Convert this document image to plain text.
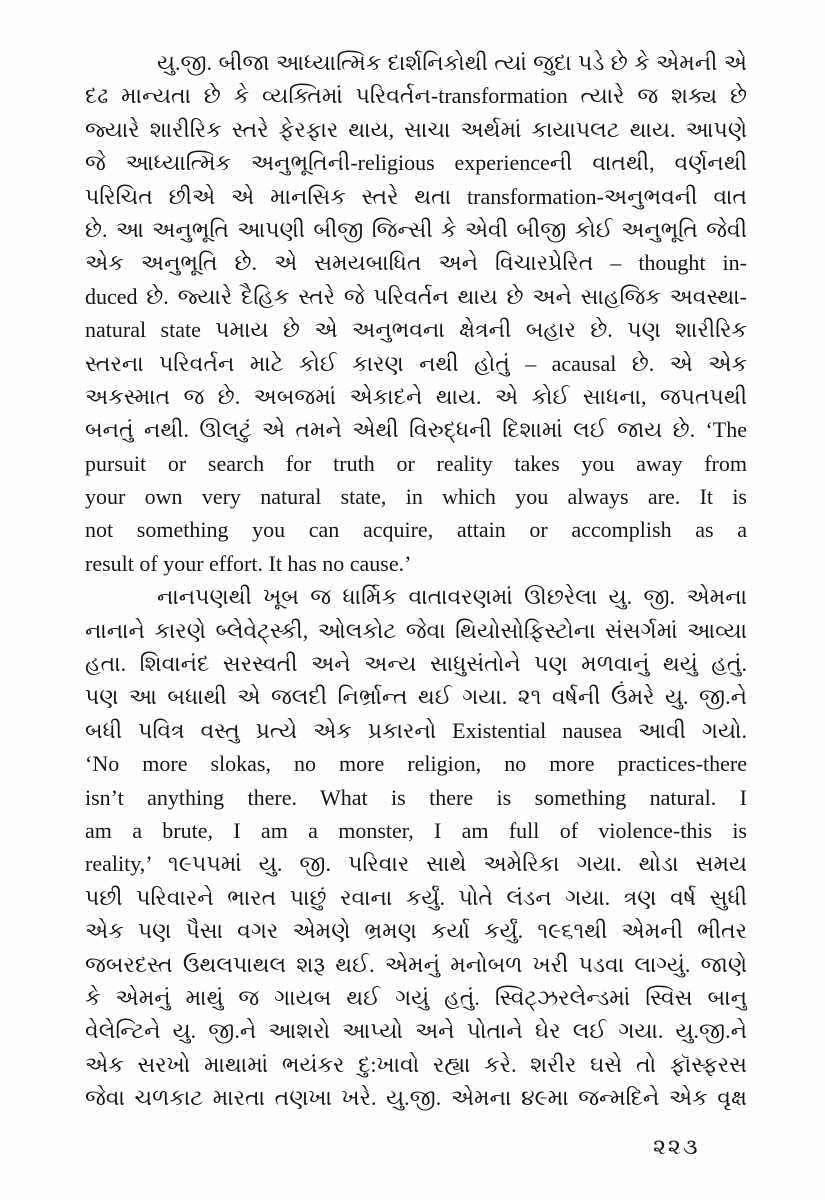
યુ.જી. બીજા આધ્યાત્મિક દાર્શનિકોથી ત્યાં જુદા પડે છે કે એમની એ
દઢ માન્યતા છે કે વ્યક્તિમાં પરિવર્તન-transformation ત્યારે જ શક્ય છે
જ્યારે શારીરિક સ્તરે ફેરફાર થાય, સાચા અર્થમાં કાયાપલટ થાય. આપણે
જે આધ્યાત્મિક અનુભૂતિની-religious experienceની વાતથી, વર્ણનથી
પરિચિત છીએ એ માનસિક સ્તરે થતા transformation-અનુભવની વાત
છે. આ અનુભૂતિ આપણી બીજી જિન્સી કે એવી બીજી કોઈ અનુભૂતિ જેવી
એક અનુભૂતિ છે. એ સમયબાધિત અને વિચારપ્રેરિત – thought in-
duced છે. જ્યારે દૈહિક સ્તરે જે પરિવર્તન થાય છે અને સાહજિક અવસ્થા-
natural state પમાય છે એ અનુભવના ક્ષેત્રની બહાર છે. પણ શારીરિક
સ્તરના પરિવર્તન માટે કોઈ કારણ નથી હોતું – acausal છે. એ એક
અકસ્માત જ છે. અબજમાં એકાદને થાય. એ કોઈ સાધના, જપતપથી
બનતું નથી. ઊલટું એ તમને એથી વિરુદ્ધની દિશામાં લઈ જાય છે. ‘The
pursuit or search for truth or reality takes you away from
your own very natural state, in which you always are. It is
not something you can acquire, attain or accomplish as a
result of your effort. It has no cause.’
નાનપણથી ખૂબ જ ધાર્મિક વાતાવરણમાં ઊછરેલા યુ. જી. એમના
નાનાને કારણે બ્લેવેટ્સ્કી, ઓલકોટ જેવા થિયોસોફિસ્ટોના સંસર્ગમાં આવ્યા
હતા. શિવાનંદ સરસ્વતી અને અન્ય સાધુસંતોને પણ મળવાનું થયું હતું.
પણ આ બધાથી એ જલદી નિર્ભ્રાન્ત થઈ ગયા. ૨૧ વર્ષની ઉંમરે યુ. જી.ને
બધી પવિત્ર વસ્તુ પ્રત્યે એક પ્રકારનો Existential nausea આવી ગયો.
‘No more slokas, no more religion, no more practices-there
isn’t anything there. What is there is something natural. I
am a brute, I am a monster, I am full of violence-this is
reality,’ ૧૯૫૫માં યુ. જી. પરિવાર સાથે અમેરિકા ગયા. થોડા સમય
પછી પરિવારને ભારત પાછું રવાના કર્યું. પોતે લંડન ગયા. ત્રણ વર્ષ સુધી
એક પણ પૈસા વગર એમણે ભ્રમણ કર્યા કર્યું. ૧૯૬૧થી એમની ભીતર
જબરદસ્ત ઉથલપાથલ શરૂ થઈ. એમનું મનોબળ ખરી પડવા લાગ્યું. જાણે
કે એમનું માથું જ ગાયબ થઈ ગયું હતું. સ્વિટ્ઝરલેન્ડમાં સ્વિસ બાનુ
વેલેન્ટિને યુ. જી.ને આશરો આપ્યો અને પોતાને ઘેર લઈ ગયા. યુ.જી.ને
એક સરખો માથામાં ભયંકર દુ:ખાવો રહ્યા કરે. શરીર ઘસે તો ફૉસ્ફરસ
જેવા ચળકાટ મારતા તણખા ખરે. યુ.જી. એમના ૪૯મા જન્મદિને એક વૃક્ષ
૨૨૩
